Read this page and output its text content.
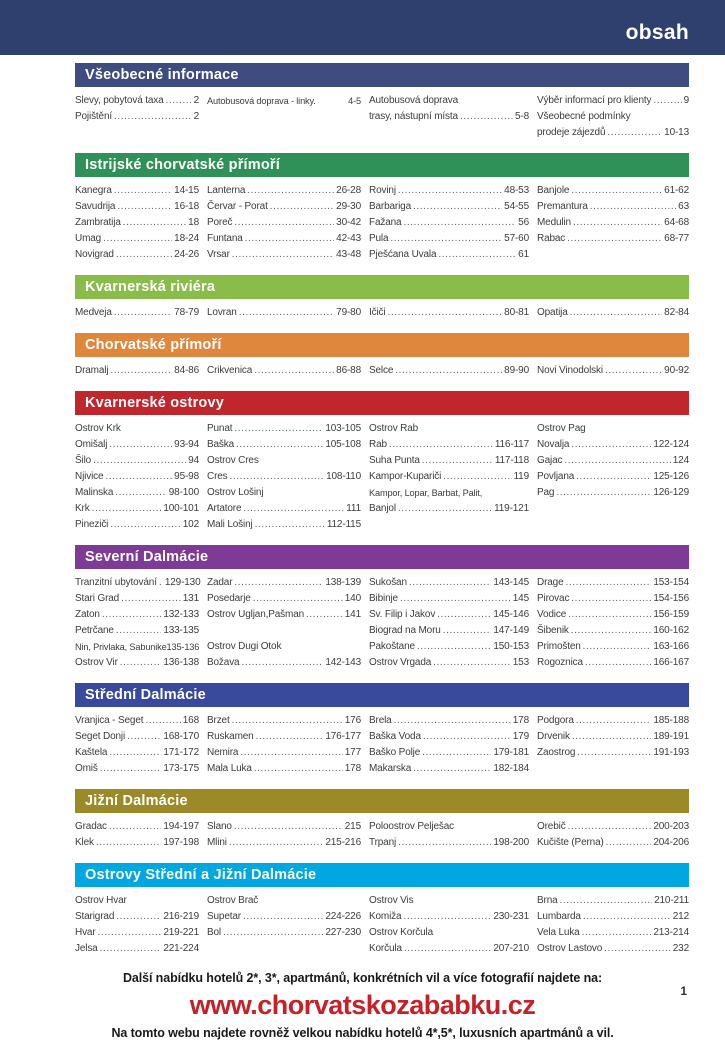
obsah
Všeobecné informace
Slevy, pobytová taxa .....	2
Pojištění .....	2
Autobusová doprava - linky.	4-5 Autobusová doprava
trasy, nástupní místa .....	5-8
Výběr informací pro klienty .....	9
Všeobecné podmínky
prodeje zájezdů .....	10-13
Istrijské chorvatské přímoří
Kanegra .....	14-15
Savudrija .....	16-18
Zambratija .....	18
Umag .....	18-24
Novigrad .....	24-26
Lanterna .....	26-28
Červar - Porat .....	29-30
Poreč .....	30-42
Funtana .....	42-43
Vrsar .....	43-48
Rovinj .....	48-53
Barbariga .....	54-55
Fažana .....	56
Pula .....	57-60
Pješćana Uvala .....	61
Banjole .....	61-62
Premantura .....	63
Medulin .....	64-68
Rabac .....	68-77
Kvarnerská riviéra
Medveja .....	78-79 Lovran .....	79-80 Ičiči .....	80-81 Opatija .....	82-84
Chorvatské přímoří
Dramalj .....	84-86 Crikvenica .....	86-88 Selce .....	89-90 Novi Vinodolski .....	90-92
Kvarnerské ostrovy
Ostrov Krk
Omišalj .....	93-94
Šilo .....	94
Njivice .....	95-98
Malinska .....	98-100
Krk .....	100-101
Pineziči .....	102
Punat .....	103-105
Baška .....	105-108
Ostrov Cres
Cres .....	108-110
Ostrov Lošinj
Artatore .....	111
Mali Lošinj .....	112-115
Ostrov Rab
Rab .....	116-117
Suha Punta .....	117-118
Kampor-Kupariči .....	119
Kampor, Lopar, Barbat, Palit,
Banjol .....	119-121
Ostrov Pag
Novalja .....	122-124
Gajac .....	124
Povljana .....	125-126
Pag .....	126-129
Severní Dalmácie
Tranzitní ubytování ..... 129-130
Stari Grad .....	131
Zaton .....	132-133
Petrčane .....	133-135
Nin, Privlaka, Sabunike 135-136
Ostrov Vir .....	136-138
Zadar .....	138-139
Posedarje .....	140
Ostrov Ugljan,Pašman .....	141
Ostrov Dugi Otok
Božava .....	142-143
Sukošan .....	143-145
Bibinje .....	145
Sv. Filip i Jakov .....	145-146
Biograd na Moru .....	147-149
Pakoštane .....	150-153
Ostrov Vrgada .....	153
Drage .....	153-154
Pirovac .....	154-156
Vodice .....	156-159
Šibenik .....	160-162
Primošten .....	163-166
Rogoznica .....	166-167
Střední Dalmácie
Vranjica - Seget .....	168
Seget Donji .....	168-170
Kaštela .....	171-172
Omiš .....	173-175
Brzet .....	176
Ruskamen .....	176-177
Nemira .....	177
Mala Luka .....	178
Brela .....	178
Baška Voda .....	179
Baško Polje .....	179-181
Makarska .....	182-184
Podgora .....	185-188
Drvenik .....	189-191
Zaostrog .....	191-193
Jižní Dalmácie
Gradac .....	194-197
Klek .....	197-198
Slano .....	215
Mlini .....	215-216
Poloostrov Pelješac
Trpanj .....	198-200
Orebič .....	200-203
Kučište (Perna) .....	204-206
Ostrovy Střední a Jižní Dalmácie
Ostrov Hvar
Starigrad .....	216-219
Hvar .....	219-221
Jelsa .....	221-224
Ostrov Brač
Supetar .....	224-226
Bol .....	227-230
Ostrov Vis
Komiža .....	230-231
Ostrov Korčula
Korčula .....	207-210
Brna .....	210-211
Lumbarda .....	212
Vela Luka .....	213-214
Ostrov Lastovo .....	232

Další nabídku hotelů 2*, 3*, apartmánů, konkrétních vil a více fotografií najdete na:

www.chorvatskozababku.cz

Na tomto webu najdete rovněž velkou nabídku hotelů 4*,5*, luxusních apartmánů a vil.

1
